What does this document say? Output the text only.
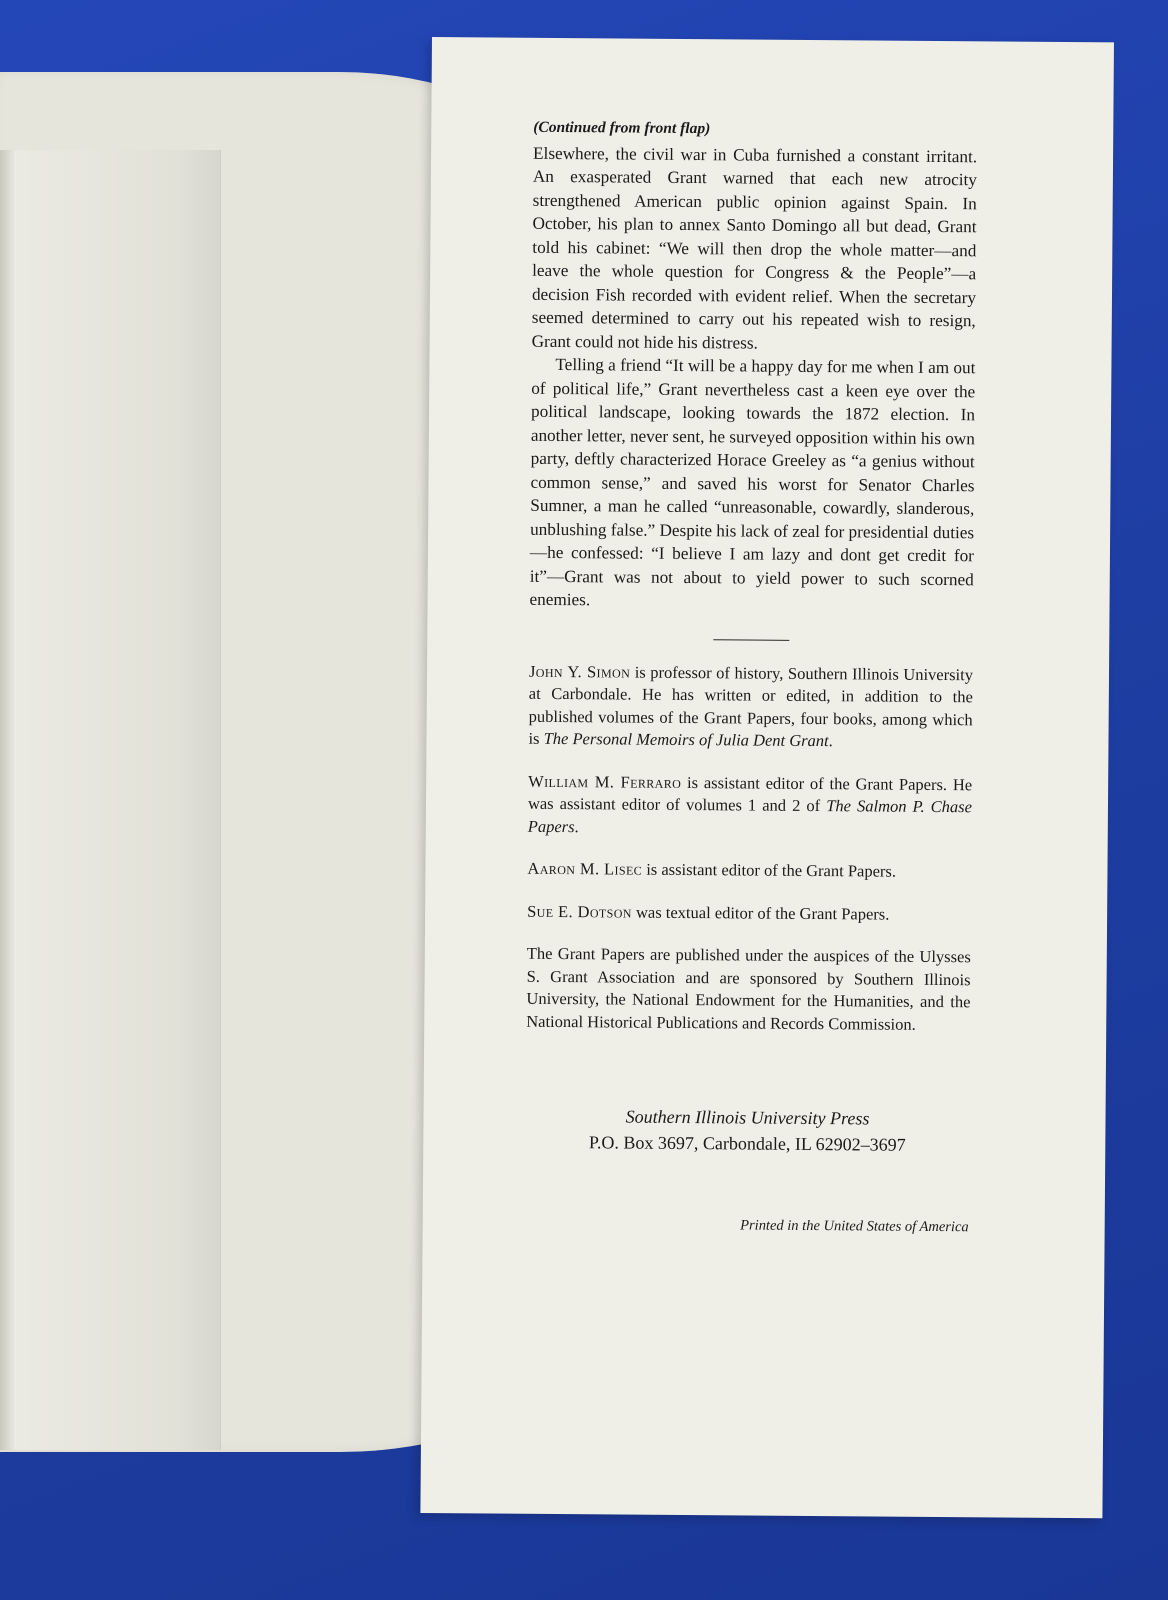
(Continued from front flap)

Elsewhere, the civil war in Cuba furnished a constant irritant. An exasperated Grant warned that each new atrocity strengthened American public opinion against Spain. In October, his plan to annex Santo Domingo all but dead, Grant told his cabinet: “We will then drop the whole matter—and leave the whole question for Congress & the People”—a decision Fish recorded with evident relief. When the secretary seemed determined to carry out his repeated wish to resign, Grant could not hide his distress.

Telling a friend “It will be a happy day for me when I am out of political life,” Grant nevertheless cast a keen eye over the political landscape, looking towards the 1872 election. In another letter, never sent, he surveyed opposition within his own party, deftly characterized Horace Greeley as “a genius without common sense,” and saved his worst for Senator Charles Sumner, a man he called “unreasonable, cowardly, slanderous, unblushing false.” Despite his lack of zeal for presidential duties—he confessed: “I believe I am lazy and dont get credit for it”—Grant was not about to yield power to such scorned enemies.

John Y. Simon is professor of history, Southern Illinois University at Carbondale. He has written or edited, in addition to the published volumes of the Grant Papers, four books, among which is The Personal Memoirs of Julia Dent Grant.

William M. Ferraro is assistant editor of the Grant Papers. He was assistant editor of volumes 1 and 2 of The Salmon P. Chase Papers.

Aaron M. Lisec is assistant editor of the Grant Papers.

Sue E. Dotson was textual editor of the Grant Papers.

The Grant Papers are published under the auspices of the Ulysses S. Grant Association and are sponsored by Southern Illinois University, the National Endowment for the Humanities, and the National Historical Publications and Records Commission.

Southern Illinois University Press
P.O. Box 3697, Carbondale, IL 62902–3697
Printed in the United States of America
